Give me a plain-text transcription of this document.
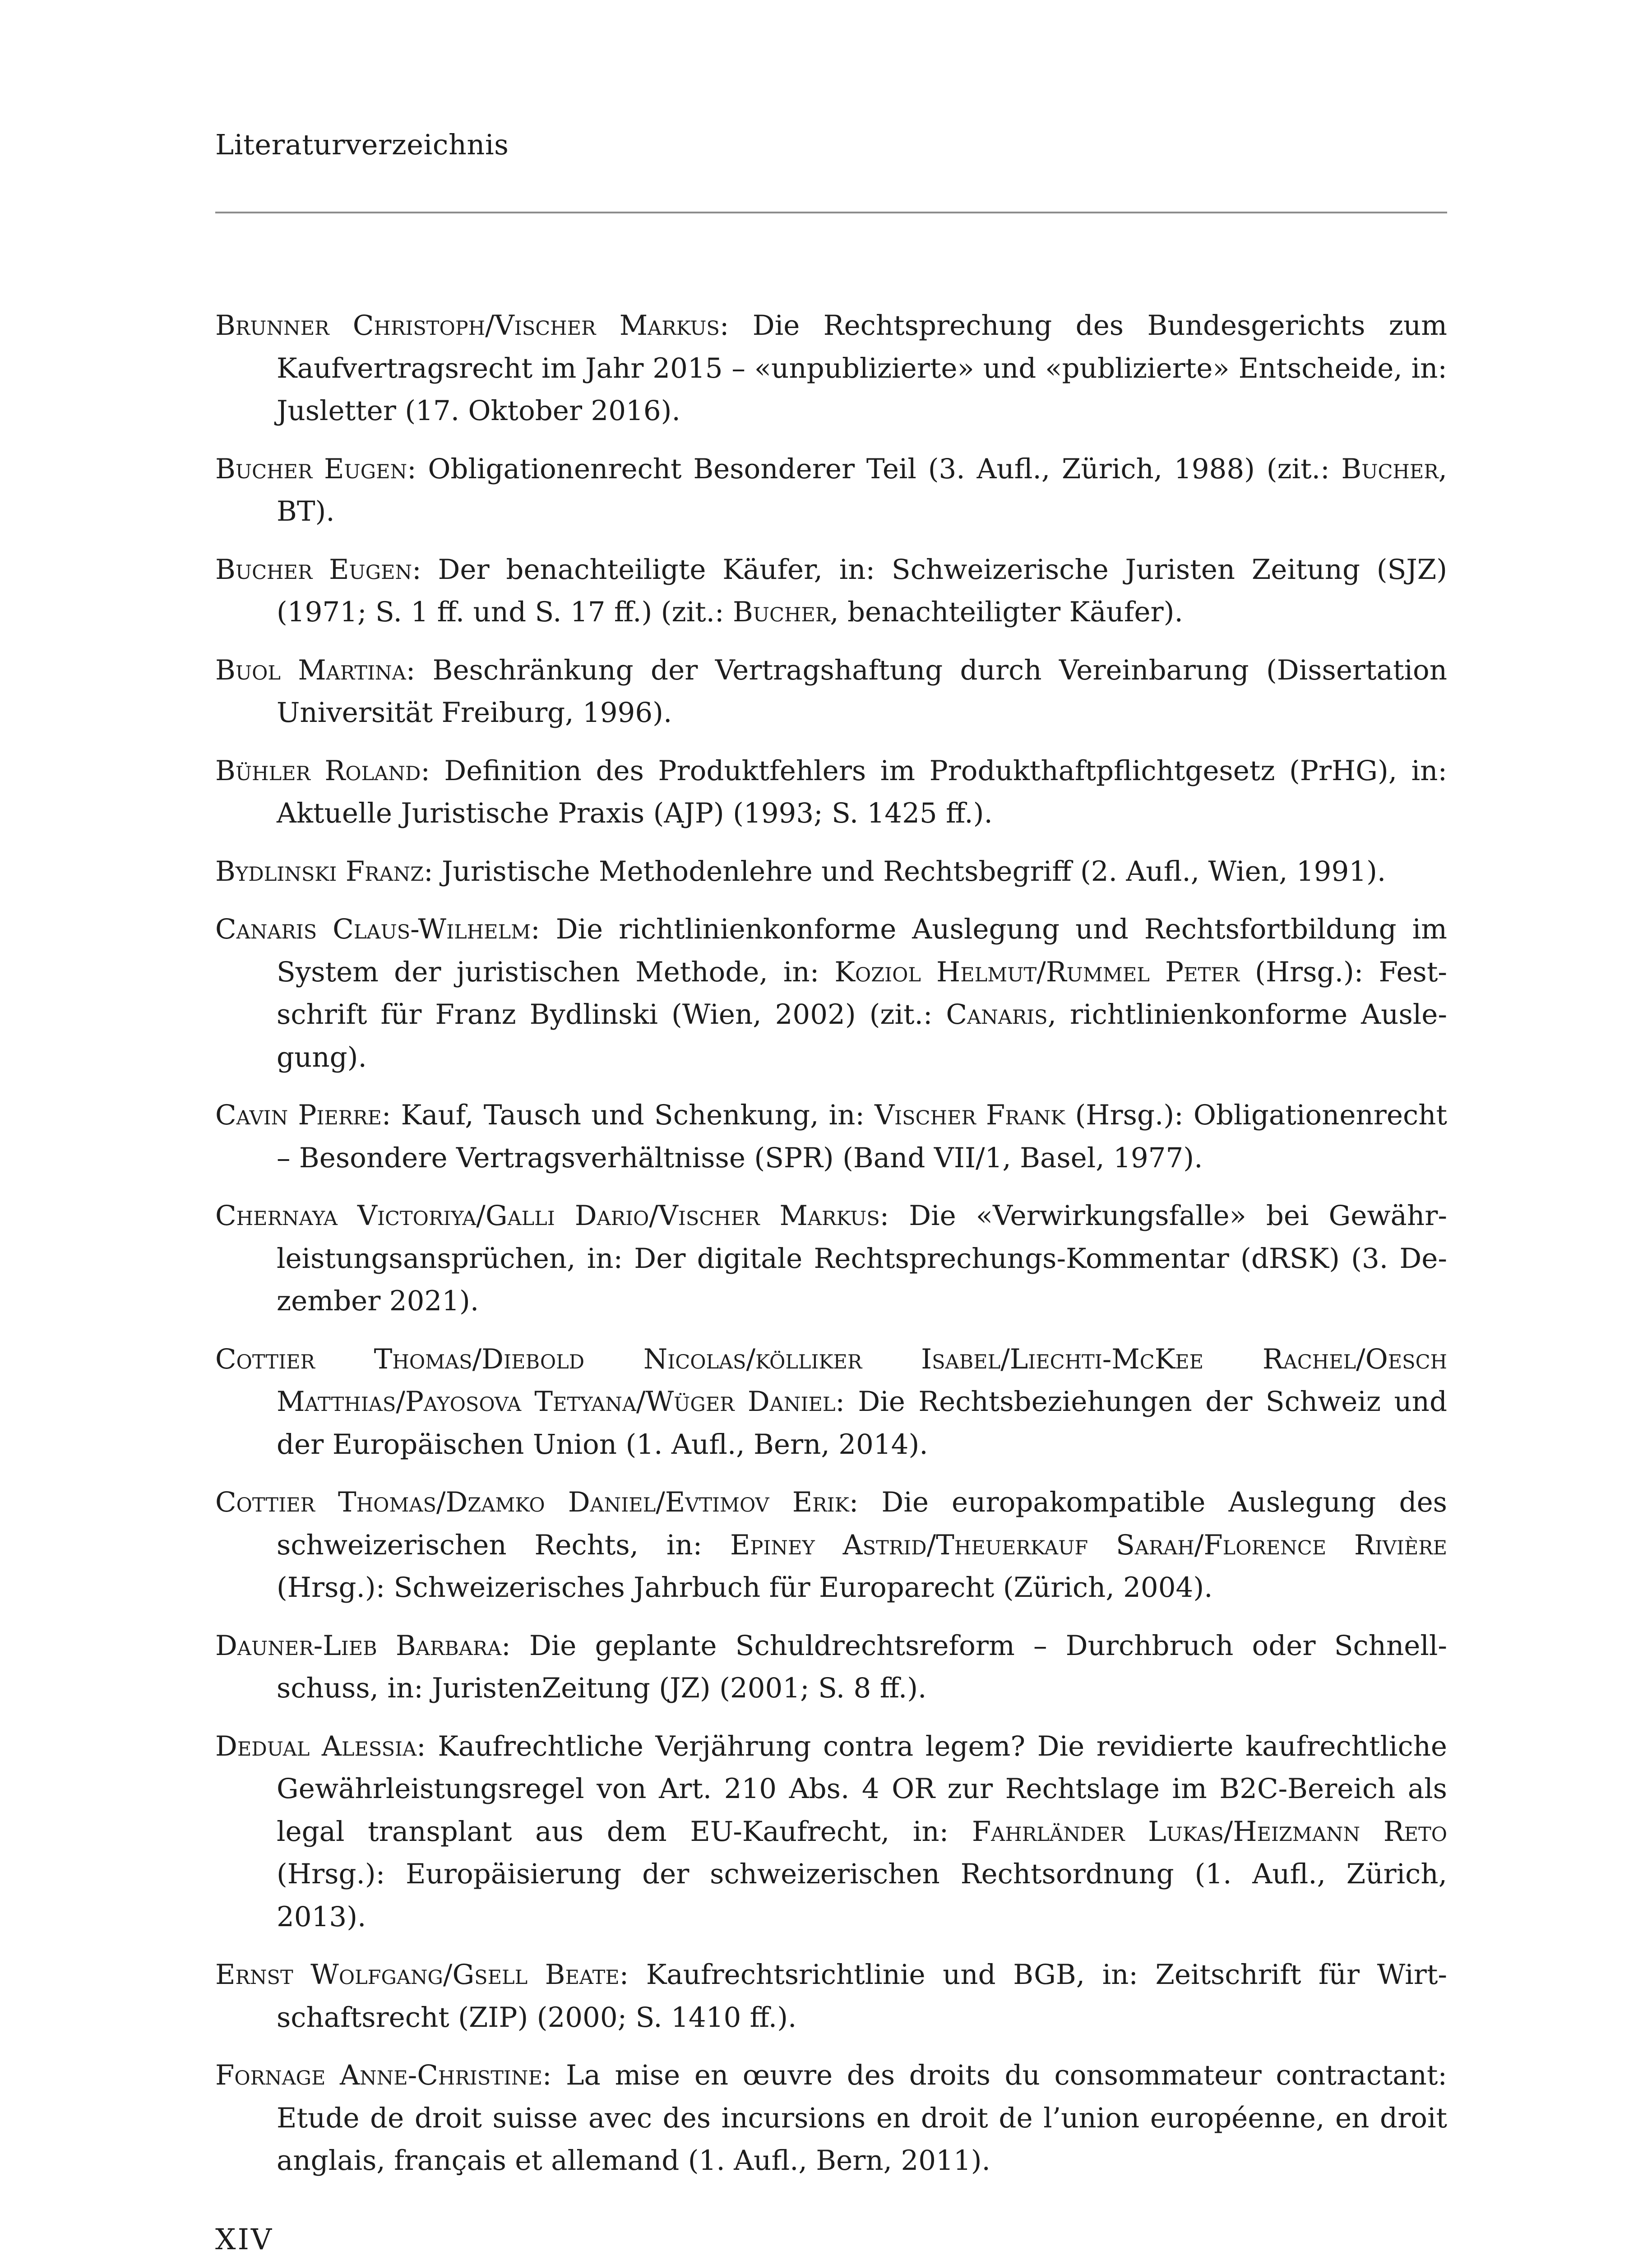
Literaturverzeichnis
Brunner Christoph/Vischer Markus: Die Rechtsprechung des Bundesgerichts zum Kaufvertragsrecht im Jahr 2015 – «unpublizierte» und «publizierte» Entscheide, in: Jusletter (17. Oktober 2016).
Bucher Eugen: Obligationenrecht Besonderer Teil (3. Aufl., Zürich, 1988) (zit.: Bucher, BT).
Bucher Eugen: Der benachteiligte Käufer, in: Schweizerische Juristen Zeitung (SJZ) (1971; S. 1 ff. und S. 17 ff.) (zit.: Bucher, benachteiligter Käufer).
Buol Martina: Beschränkung der Vertragshaftung durch Vereinbarung (Dissertation Universität Freiburg, 1996).
Bühler Roland: Definition des Produktfehlers im Produkthaftpflichtgesetz (PrHG), in: Aktuelle Juristische Praxis (AJP) (1993; S. 1425 ff.).
Bydlinski Franz: Juristische Methodenlehre und Rechtsbegriff (2. Aufl., Wien, 1991).
Canaris Claus-Wilhelm: Die richtlinienkonforme Auslegung und Rechtsfortbildung im System der juristischen Methode, in: Koziol Helmut/Rummel Peter (Hrsg.): Festschrift für Franz Bydlinski (Wien, 2002) (zit.: Canaris, richtlinienkonforme Auslegung).
Cavin Pierre: Kauf, Tausch und Schenkung, in: Vischer Frank (Hrsg.): Obligationenrecht – Besondere Vertragsverhältnisse (SPR) (Band VII/1, Basel, 1977).
Chernaya Victoriya/Galli Dario/Vischer Markus: Die «Verwirkungsfalle» bei Gewährleistungsansprüchen, in: Der digitale Rechtsprechungs-Kommentar (dRSK) (3. Dezember 2021).
Cottier Thomas/Diebold Nicolas/kölliker Isabel/Liechti-McKee Rachel/Oesch Matthias/Payosova Tetyana/Wüger Daniel: Die Rechtsbeziehungen der Schweiz und der Europäischen Union (1. Aufl., Bern, 2014).
Cottier Thomas/Dzamko Daniel/Evtimov Erik: Die europakompatible Auslegung des schweizerischen Rechts, in: Epiney Astrid/Theuerkauf Sarah/Florence Rivière (Hrsg.): Schweizerisches Jahrbuch für Europarecht (Zürich, 2004).
Dauner-Lieb Barbara: Die geplante Schuldrechtsreform – Durchbruch oder Schnellschuss, in: JuristenZeitung (JZ) (2001; S. 8 ff.).
Dedual Alessia: Kaufrechtliche Verjährung contra legem? Die revidierte kaufrechtliche Gewährleistungsregel von Art. 210 Abs. 4 OR zur Rechtslage im B2C-Bereich als legal transplant aus dem EU-Kaufrecht, in: Fahrländer Lukas/Heizmann Reto (Hrsg.): Europäisierung der schweizerischen Rechtsordnung (1. Aufl., Zürich, 2013).
Ernst Wolfgang/Gsell Beate: Kaufrechtsrichtlinie und BGB, in: Zeitschrift für Wirtschaftsrecht (ZIP) (2000; S. 1410 ff.).
Fornage Anne-Christine: La mise en œuvre des droits du consommateur contractant: Etude de droit suisse avec des incursions en droit de l’union européenne, en droit anglais, français et allemand (1. Aufl., Bern, 2011).
XIV
